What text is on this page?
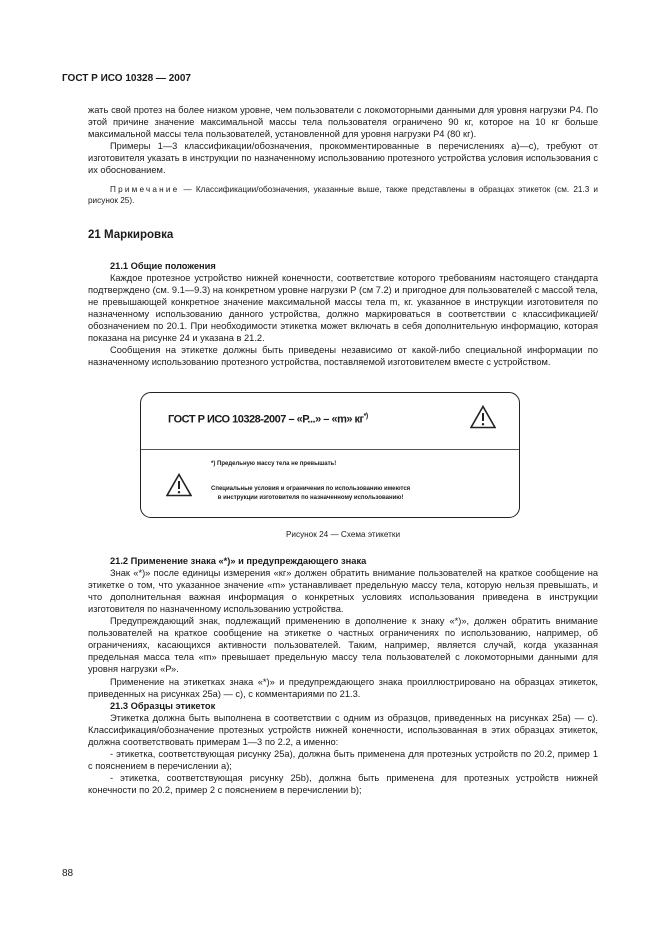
ГОСТ Р ИСО 10328 — 2007

жать свой протез на более низком уровне, чем пользователи с локомоторными данными для уровня нагрузки Р4. По этой причине значение максимальной массы тела пользователя ограничено 90 кг, которое на 10 кг больше максимальной массы тела пользователей, установленной для уровня нагрузки Р4 (80 кг).

Примеры 1—3 классификации/обозначения, прокомментированные в перечислениях а)—с), требуют от изготовителя указать в инструкции по назначенному использованию протезного устройства условия использования с их обоснованием.

Примечание — Классификации/обозначения, указанные выше, также представлены в образцах этикеток (см. 21.3 и рисунок 25).

21 Маркировка
21.1 Общие положения

Каждое протезное устройство нижней конечности, соответствие которого требованиям настоящего стандарта подтверждено (см. 9.1—9.3) на конкретном уровне нагрузки Р (см 7.2) и пригодное для пользователей с массой тела, не превышающей конкретное значение максимальной массы тела m, кг. указанное в инструкции изготовителя по назначенному использованию данного устройства, должно маркироваться в соответствии с классификацией/обозначением по 20.1. При необходимости этикетка может включать в себя дополнительную информацию, которая показана на рисунке 24 и указана в 21.2.

Сообщения на этикетке должны быть приведены независимо от какой-либо специальной информации по назначенному использованию протезного устройства, поставляемой изготовителем вместе с устройством.

ГОСТ Р ИСО 10328-2007 – «Р...» – «m» кг*)
*) Предельную массу тела не превышать!
Специальные условия и ограничения по использованию имеются
в инструкции изготовителя по назначенному использованию!
Рисунок 24 — Схема этикетки
21.2 Применение знака «*)» и предупреждающего знака

Знак «*)» после единицы измерения «кг» должен обратить внимание пользователей на краткое сообщение на этикетке о том, что указанное значение «m» устанавливает предельную массу тела, которую нельзя превышать, и что дополнительная важная информация о конкретных условиях использования приведена в инструкции изготовителя по назначенному использованию устройства.

Предупреждающий знак, подлежащий применению в дополнение к знаку «*)», должен обратить внимание пользователей на краткое сообщение на этикетке о частных ограничениях по использованию, например, об ограничениях, касающихся активности пользователей. Таким, например, является случай, когда указанная предельная масса тела «m» превышает предельную массу тела пользователей с локомоторными данными для уровня нагрузки «Р».

Применение на этикетках знака «*)» и предупреждающего знака проиллюстрировано на образцах этикеток, приведенных на рисунках 25а) — с), с комментариями по 21.3.

21.3 Образцы этикеток

Этикетка должна быть выполнена в соответствии с одним из образцов, приведенных на рисунках 25а) — с). Классификация/обозначение протезных устройств нижней конечности, использованная в этих образцах этикеток, должна соответствовать примерам 1—3 по 2.2, а именно:

- этикетка, соответствующая рисунку 25а), должна быть применена для протезных устройств по 20.2, пример 1 с пояснением в перечислении а);

- этикетка, соответствующая рисунку 25b), должна быть применена для протезных устройств нижней конечности по 20.2, пример 2 с пояснением в перечислении b);

88
